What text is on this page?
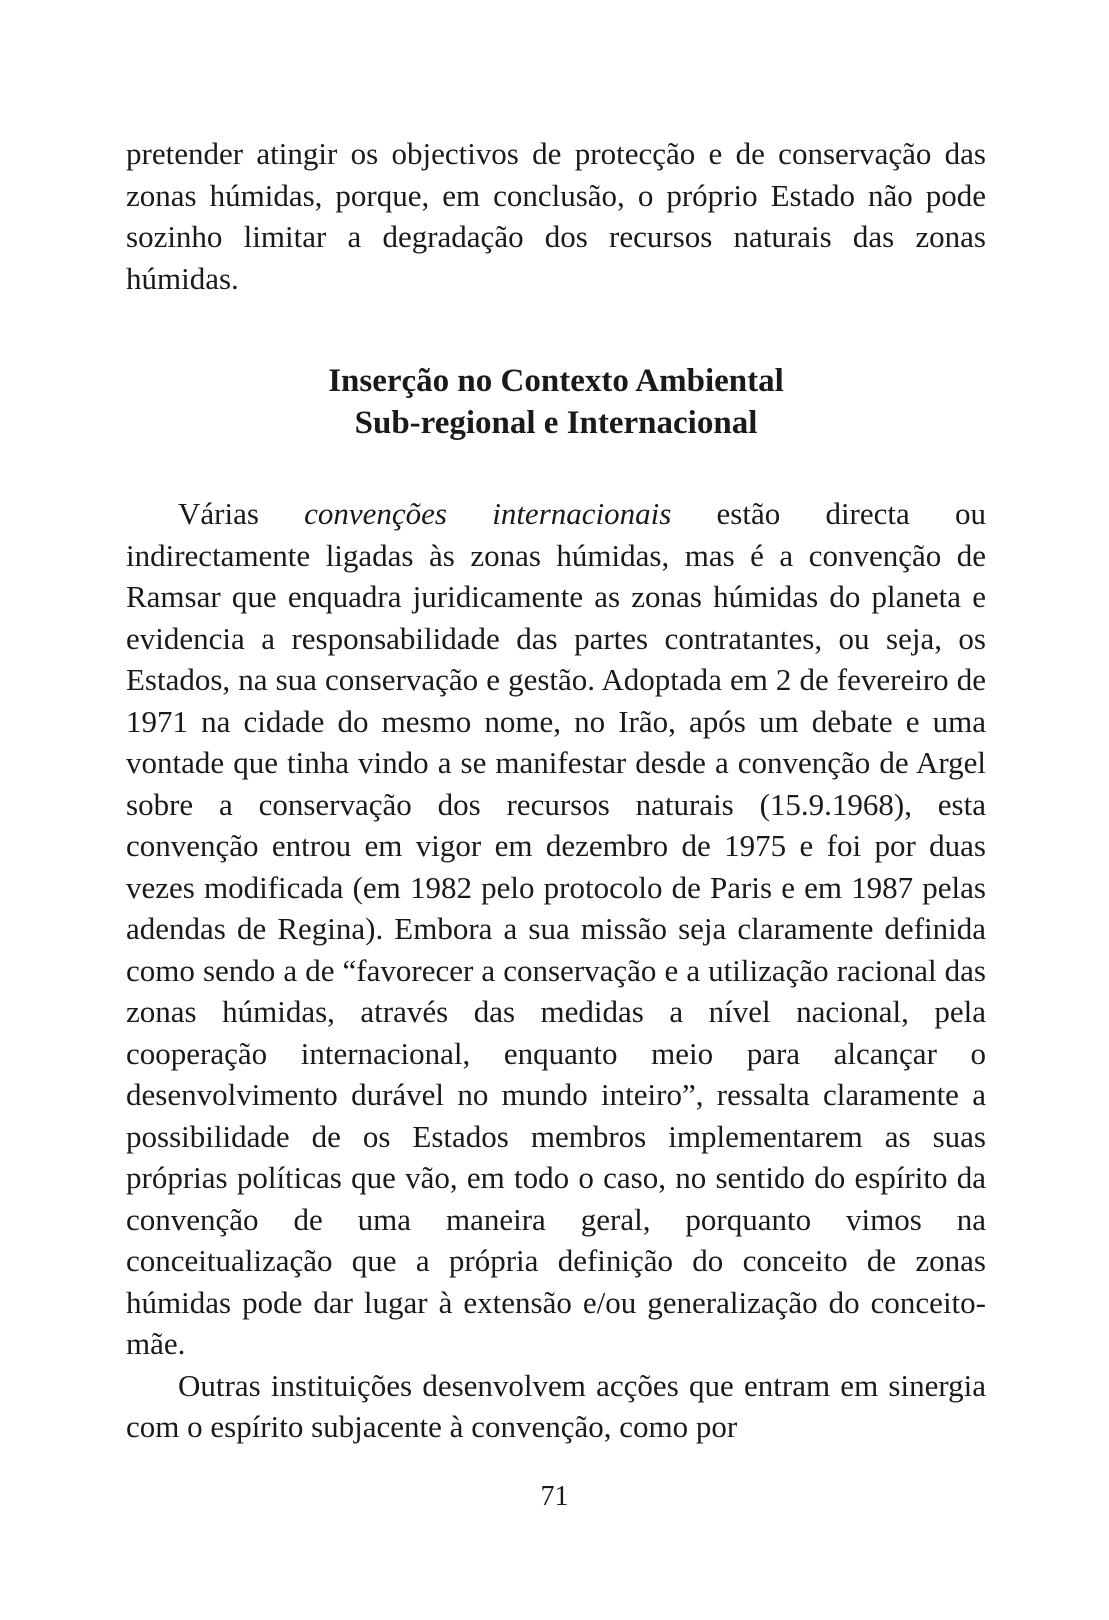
pretender atingir os objectivos de protecção e de conservação das zonas húmidas, porque, em conclusão, o próprio Estado não pode sozinho limitar a degradação dos recursos naturais das zonas húmidas.

Inserção no Contexto Ambiental
Sub-regional e Internacional

Várias convenções internacionais estão directa ou indirectamente ligadas às zonas húmidas, mas é a convenção de Ramsar que enquadra juridicamente as zonas húmidas do planeta e evidencia a responsabilidade das partes contratantes, ou seja, os Estados, na sua conservação e gestão. Adoptada em 2 de fevereiro de 1971 na cidade do mesmo nome, no Irão, após um debate e uma vontade que tinha vindo a se manifestar desde a convenção de Argel sobre a conservação dos recursos naturais (15.9.1968), esta convenção entrou em vigor em dezembro de 1975 e foi por duas vezes modificada (em 1982 pelo protocolo de Paris e em 1987 pelas adendas de Regina). Embora a sua missão seja claramente definida como sendo a de “favorecer a conservação e a utilização racional das zonas húmidas, através das medidas a nível nacional, pela cooperação internacional, enquanto meio para alcançar o desenvolvimento durável no mundo inteiro”, ressalta claramente a possibilidade de os Estados membros implementarem as suas próprias políticas que vão, em todo o caso, no sentido do espírito da convenção de uma maneira geral, porquanto vimos na conceitualização que a própria definição do conceito de zonas húmidas pode dar lugar à extensão e/ou generalização do conceito-mãe.

Outras instituições desenvolvem acções que entram em sinergia com o espírito subjacente à convenção, como por

71
